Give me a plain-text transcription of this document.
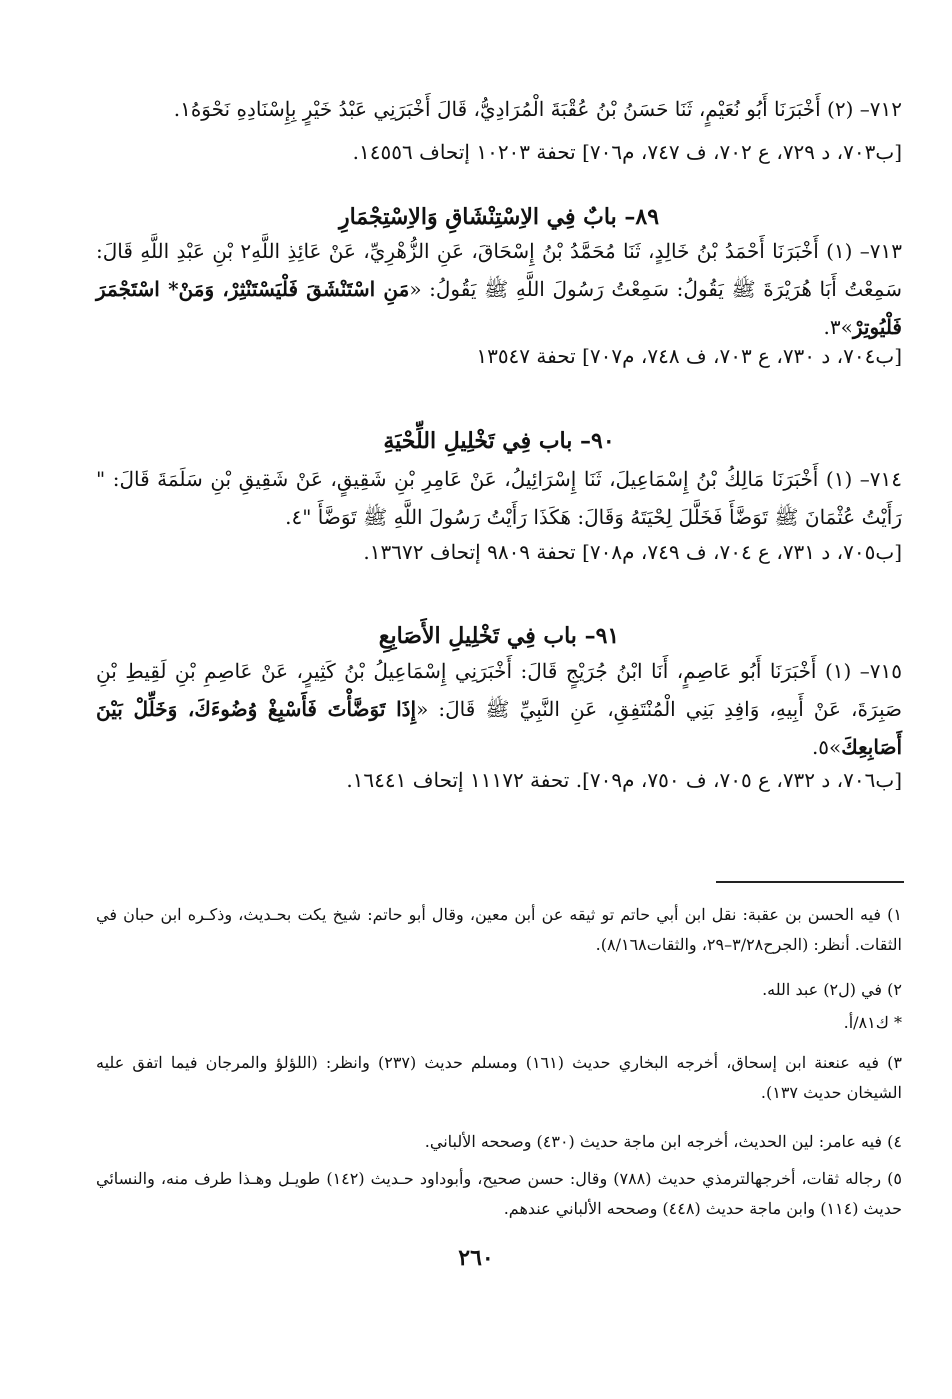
٧١٢– (٢) أَخْبَرَنَا أَبُو نُعَيْمٍ، ثَنَا حَسَنُ بْنُ عُقْبَةَ الْمُرَادِيُّ، قَالَ أَخْبَرَنِي عَبْدُ خَيْرٍ بِإِسْنَادِهِ نَحْوَهُ١.
[ب٧٠٣، د ٧٢٩، ع ٧٠٢، ف ٧٤٧، م٧٠٦] تحفة ١٠٢٠٣ إتحاف ١٤٥٥٦.
٨٩– بابٌ فِي الاِسْتِنْشَاقِ وَالاِسْتِجْمَارِ
٧١٣– (١) أَخْبَرَنَا أَحْمَدُ بْنُ خَالِدٍ، ثَنَا مُحَمَّدُ بْنُ إِسْحَاقَ، عَنِ الزُّهْرِيِّ، عَنْ عَائِذِ اللَّهِ٢ بْنِ عَبْدِ اللَّهِ قَالَ: سَمِعْتُ أَبَا هُرَيْرَةَ ﷺ يَقُولُ: سَمِعْتُ رَسُولَ اللَّهِ ﷺ يَقُولُ: «مَنِ اسْتَنْشَقَ فَلْيَسْتَنْثِرْ، وَمَنْ* اسْتَجْمَرَ فَلْيُوتِرْ»٣.
[ب٧٠٤، د ٧٣٠، ع ٧٠٣، ف ٧٤٨، م٧٠٧] تحفة ١٣٥٤٧
٩٠– باب فِي تَخْلِيلِ اللِّحْيَةِ
٧١٤– (١) أَخْبَرَنَا مَالِكُ بْنُ إِسْمَاعِيلَ، ثَنَا إِسْرَائِيلُ، عَنْ عَامِرِ بْنِ شَقِيقٍ، عَنْ شَقِيقِ بْنِ سَلَمَةَ قَالَ: " رَأَيْتُ عُثْمَانَ ﷺ تَوَضَّأَ فَخَلَّلَ لِحْيَتَهُ وَقَالَ: هَكَذَا رَأَيْتُ رَسُولَ اللَّهِ ﷺ تَوَضَّأَ "٤.
[ب٧٠٥، د ٧٣١، ع ٧٠٤، ف ٧٤٩، م٧٠٨] تحفة ٩٨٠٩ إتحاف ١٣٦٧٢.
٩١– باب فِي تَخْلِيلِ الأَصَابِعِ
٧١٥– (١) أَخْبَرَنَا أَبُو عَاصِمٍ، أَنَا ابْنُ جُرَيْجٍ قَالَ: أَخْبَرَنِي إِسْمَاعِيلُ بْنُ كَثِيرٍ، عَنْ عَاصِمِ بْنِ لَقِيطِ بْنِ صَبِرَةَ، عَنْ أَبِيهِ، وَافِدِ بَنِي الْمُنْتَفِقِ، عَنِ النَّبِيِّ ﷺ قَالَ: «إِذَا تَوَضَّأْتَ فَأَسْبِغْ وُضُوءَكَ، وَخَلِّلْ بَيْنَ أَصَابِعِكَ»٥.
[ب٧٠٦، د ٧٣٢، ع ٧٠٥، ف ٧٥٠، م٧٠٩]. تحفة ١١١٧٢ إتحاف ١٦٤٤١.
١) فيه الحسن بن عقبة: نقل ابن أبي حاتم تو ثيقه عن أبن معين، وقال أبو حاتم: شيخ يكت بحـديث، وذكـره ابن حبان في الثقات. أنظر: (الجرح٣/٢٨–٢٩، والثقات٨/١٦٨).
٢) في (ل٢) عبد الله.
* ك٨١/أ.
٣) فيه عنعنة ابن إسحاق، أخرجه البخاري حديث (١٦١) ومسلم حديث (٢٣٧) وانظر: (اللؤلؤ والمرجان فيما اتفق عليه الشيخان حديث ١٣٧).
٤) فيه عامر: لين الحديث، أخرجه ابن ماجة حديث (٤٣٠) وصححه الألباني.
٥) رجاله ثقات، أخرجهالترمذي حديث (٧٨٨) وقال: حسن صحيح، وأبوداود حـديث (١٤٢) طويـل وهـذا طرف منه، والنسائي حديث (١١٤) وابن ماجة حديث (٤٤٨) وصححه الألباني عندهم.
٢٦٠
